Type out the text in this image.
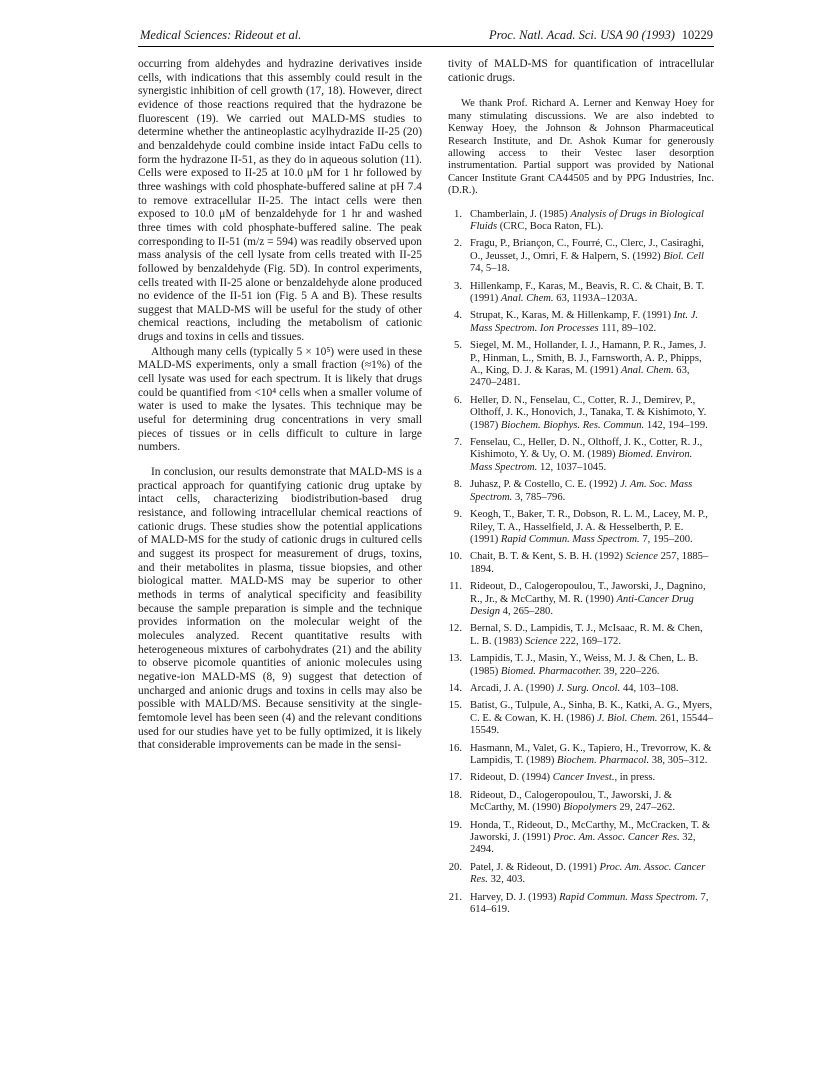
Medical Sciences: Rideout et al.	Proc. Natl. Acad. Sci. USA 90 (1993) 10229

occurring from aldehydes and hydrazine derivatives inside cells, with indications that this assembly could result in the synergistic inhibition of cell growth (17, 18). However, direct evidence of those reactions required that the hydrazone be fluorescent (19). We carried out MALD-MS studies to determine whether the antineoplastic acylhydrazide II-25 (20) and benzaldehyde could combine inside intact FaDu cells to form the hydrazone II-51, as they do in aqueous solution (11). Cells were exposed to II-25 at 10.0 μM for 1 hr followed by three washings with cold phosphate-buffered saline at pH 7.4 to remove extracellular II-25. The intact cells were then exposed to 10.0 μM of benzaldehyde for 1 hr and washed three times with cold phosphate-buffered saline. The peak corresponding to II-51 (m/z = 594) was readily observed upon mass analysis of the cell lysate from cells treated with II-25 followed by benzaldehyde (Fig. 5D). In control experiments, cells treated with II-25 alone or benzaldehyde alone produced no evidence of the II-51 ion (Fig. 5 A and B). These results suggest that MALD-MS will be useful for the study of other chemical reactions, including the metabolism of cationic drugs and toxins in cells and tissues.

Although many cells (typically 5 × 10⁵) were used in these MALD-MS experiments, only a small fraction (≈1%) of the cell lysate was used for each spectrum. It is likely that drugs could be quantified from <10⁴ cells when a smaller volume of water is used to make the lysates. This technique may be useful for determining drug concentrations in very small pieces of tissues or in cells difficult to culture in large numbers.

In conclusion, our results demonstrate that MALD-MS is a practical approach for quantifying cationic drug uptake by intact cells, characterizing biodistribution-based drug resistance, and following intracellular chemical reactions of cationic drugs. These studies show the potential applications of MALD-MS for the study of cationic drugs in cultured cells and suggest its prospect for measurement of drugs, toxins, and their metabolites in plasma, tissue biopsies, and other biological matter. MALD-MS may be superior to other methods in terms of analytical specificity and feasibility because the sample preparation is simple and the technique provides information on the molecular weight of the molecules analyzed. Recent quantitative results with heterogeneous mixtures of carbohydrates (21) and the ability to observe picomole quantities of anionic molecules using negative-ion MALD-MS (8, 9) suggest that detection of uncharged and anionic drugs and toxins in cells may also be possible with MALD/MS. Because sensitivity at the single-femtomole level has been seen (4) and the relevant conditions used for our studies have yet to be fully optimized, it is likely that considerable improvements can be made in the sensi-

tivity of MALD-MS for quantification of intracellular cationic drugs.

We thank Prof. Richard A. Lerner and Kenway Hoey for many stimulating discussions. We are also indebted to Kenway Hoey, the Johnson & Johnson Pharmaceutical Research Institute, and Dr. Ashok Kumar for generously allowing access to their Vestec laser desorption instrumentation. Partial support was provided by National Cancer Institute Grant CA44505 and by PPG Industries, Inc. (D.R.).

1. Chamberlain, J. (1985) Analysis of Drugs in Biological Fluids (CRC, Boca Raton, FL).
2. Fragu, P., Briançon, C., Fourré, C., Clerc, J., Casiraghi, O., Jeusset, J., Omri, F. & Halpern, S. (1992) Biol. Cell 74, 5–18.
3. Hillenkamp, F., Karas, M., Beavis, R. C. & Chait, B. T. (1991) Anal. Chem. 63, 1193A–1203A.
4. Strupat, K., Karas, M. & Hillenkamp, F. (1991) Int. J. Mass Spectrom. Ion Processes 111, 89–102.
5. Siegel, M. M., Hollander, I. J., Hamann, P. R., James, J. P., Hinman, L., Smith, B. J., Farnsworth, A. P., Phipps, A., King, D. J. & Karas, M. (1991) Anal. Chem. 63, 2470–2481.
6. Heller, D. N., Fenselau, C., Cotter, R. J., Demirev, P., Olthoff, J. K., Honovich, J., Tanaka, T. & Kishimoto, Y. (1987) Biochem. Biophys. Res. Commun. 142, 194–199.
7. Fenselau, C., Heller, D. N., Olthoff, J. K., Cotter, R. J., Kishimoto, Y. & Uy, O. M. (1989) Biomed. Environ. Mass Spectrom. 12, 1037–1045.
8. Juhasz, P. & Costello, C. E. (1992) J. Am. Soc. Mass Spectrom. 3, 785–796.
9. Keogh, T., Baker, T. R., Dobson, R. L. M., Lacey, M. P., Riley, T. A., Hasselfield, J. A. & Hesselberth, P. E. (1991) Rapid Commun. Mass Spectrom. 7, 195–200.
10. Chait, B. T. & Kent, S. B. H. (1992) Science 257, 1885–1894.
11. Rideout, D., Calogeropoulou, T., Jaworski, J., Dagnino, R., Jr., & McCarthy, M. R. (1990) Anti-Cancer Drug Design 4, 265–280.
12. Bernal, S. D., Lampidis, T. J., McIsaac, R. M. & Chen, L. B. (1983) Science 222, 169–172.
13. Lampidis, T. J., Masin, Y., Weiss, M. J. & Chen, L. B. (1985) Biomed. Pharmacother. 39, 220–226.
14. Arcadi, J. A. (1990) J. Surg. Oncol. 44, 103–108.
15. Batist, G., Tulpule, A., Sinha, B. K., Katki, A. G., Myers, C. E. & Cowan, K. H. (1986) J. Biol. Chem. 261, 15544–15549.
16. Hasmann, M., Valet, G. K., Tapiero, H., Trevorrow, K. & Lampidis, T. (1989) Biochem. Pharmacol. 38, 305–312.
17. Rideout, D. (1994) Cancer Invest., in press.
18. Rideout, D., Calogeropoulou, T., Jaworski, J. & McCarthy, M. (1990) Biopolymers 29, 247–262.
19. Honda, T., Rideout, D., McCarthy, M., McCracken, T. & Jaworski, J. (1991) Proc. Am. Assoc. Cancer Res. 32, 2494.
20. Patel, J. & Rideout, D. (1991) Proc. Am. Assoc. Cancer Res. 32, 403.
21. Harvey, D. J. (1993) Rapid Commun. Mass Spectrom. 7, 614–619.
